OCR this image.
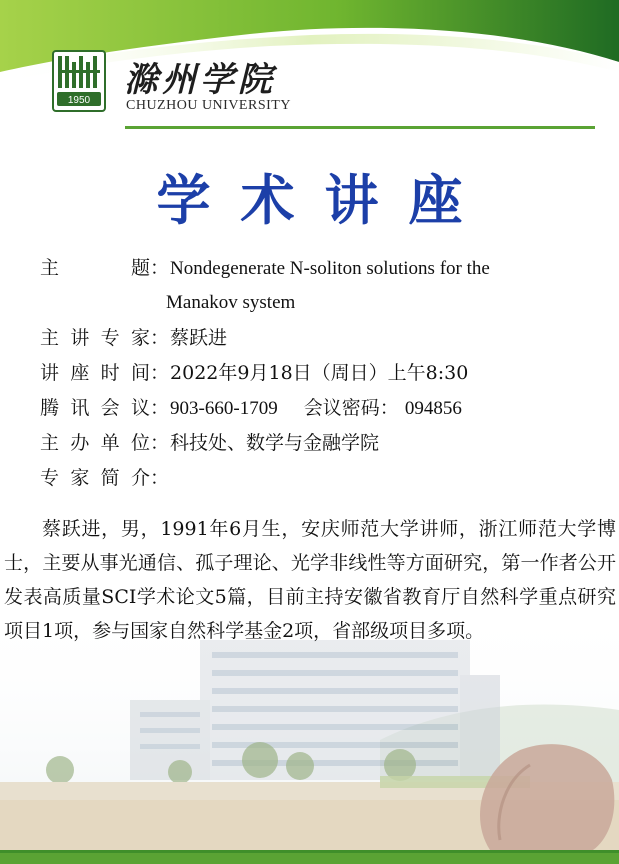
1950
滁州学院
CHUZHOU UNIVERSITY
学术讲座
主 题： Nondegenerate N-soliton solutions for the
Manakov system
主讲专家： 蔡跃进
讲座时间： 2022年9月18日（周日）上午8:30
腾讯会议： 903-660-1709 会议密码： 094856
主办单位： 科技处、数学与金融学院
专家简介：
蔡跃进，男，1991年6月生，安庆师范大学讲师，浙江师范大学博士，主要从事光通信、孤子理论、光学非线性等方面研究，第一作者公开发表高质量SCI学术论文5篇，目前主持安徽省教育厅自然科学重点研究项目1项，参与国家自然科学基金2项，省部级项目多项。
